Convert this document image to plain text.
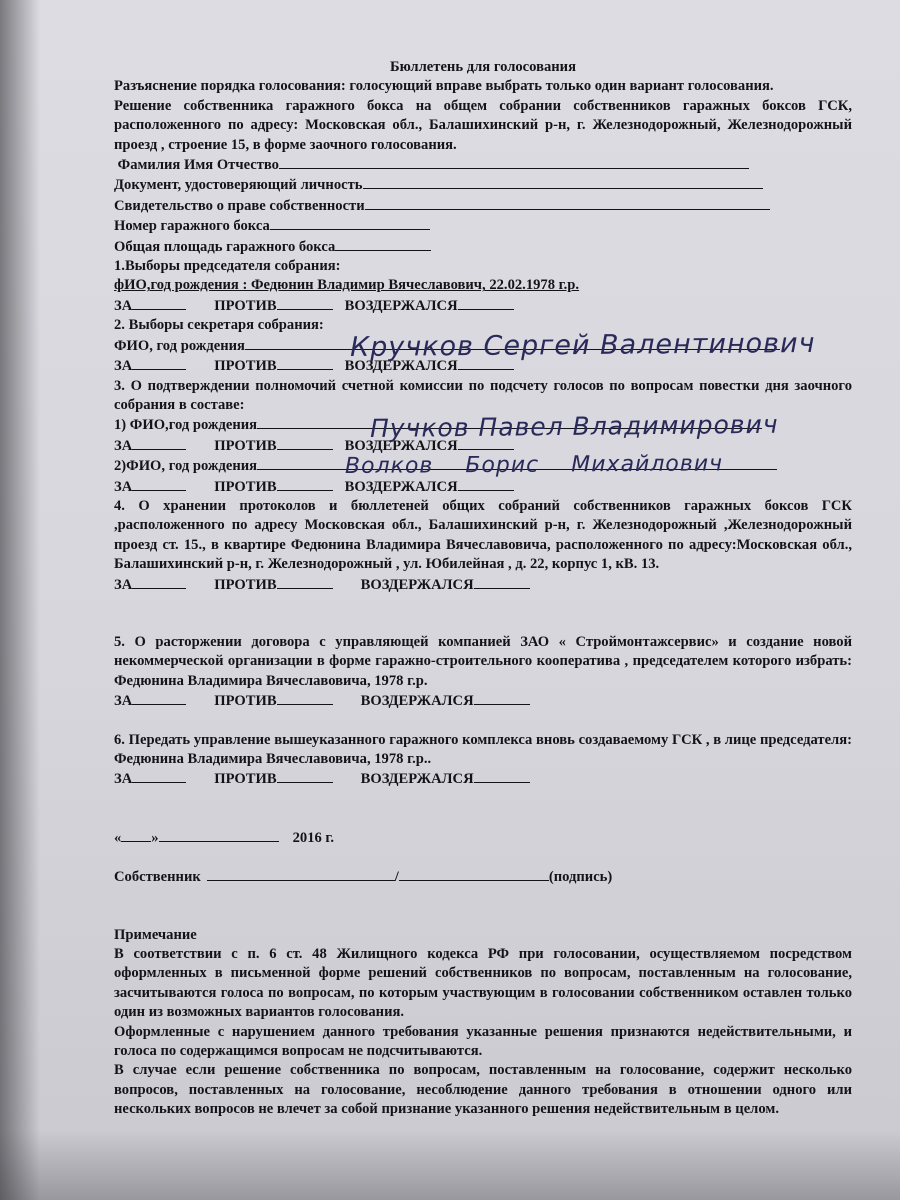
Бюллетень для голосования
Разъяснение порядка голосования: голосующий вправе выбрать только один вариант голосования.
Решение собственника гаражного бокса на общем собрании собственников гаражных боксов ГСК, расположенного по адресу: Московская обл., Балашихинский р-н, г. Железнодорожный, Железнодорожный проезд , строение 15, в форме заочного голосования.
Фамилия Имя Отчество
Документ, удостоверяющий личность
Свидетельство о праве собственности
Номер гаражного бокса
Общая площадь гаражного бокса
1.Выборы председателя собрания:
фИО,год рождения : Федюнин Владимир Вячеславович, 22.02.1978 г.р.
ЗА	ПРОТИВ	ВОЗДЕРЖАЛСЯ
2. Выборы секретаря собрания:
ФИО, год рождения
ЗА	ПРОТИВ	ВОЗДЕРЖАЛСЯ
3. О подтверждении полномочий счетной комиссии по подсчету голосов по вопросам повестки дня заочного собрания в составе:
1) ФИО,год рождения
ЗА	ПРОТИВ	ВОЗДЕРЖАЛСЯ
2)ФИО, год рождения
ЗА	ПРОТИВ	ВОЗДЕРЖАЛСЯ
4. О хранении протоколов и бюллетеней общих собраний собственников гаражных боксов ГСК ,расположенного по адресу Московская обл., Балашихинский р-н, г. Железнодорожный ,Железнодорожный проезд ст. 15., в квартире Федюнина Владимира Вячеславовича, расположенного по адресу:Московская обл., Балашихинский р-н, г. Железнодорожный , ул. Юбилейная , д. 22, корпус 1, кВ. 13.
ЗА	ПРОТИВ	ВОЗДЕРЖАЛСЯ
5. О расторжении договора с управляющей компанией ЗАО « Строймонтажсервис» и создание новой некоммерческой организации в форме гаражно-строительного кооператива , председателем которого избрать: Федюнина Владимира Вячеславовича, 1978 г.р.
ЗА	ПРОТИВ	ВОЗДЕРЖАЛСЯ
6. Передать управление вышеуказанного гаражного комплекса вновь создаваемому ГСК , в лице председателя: Федюнина Владимира Вячеславовича, 1978 г.р..
ЗА	ПРОТИВ	ВОЗДЕРЖАЛСЯ
« »	2016 г.
Собственник	/	(подпись)
Примечание
В соответствии с п. 6 ст. 48 Жилищного кодекса РФ при голосовании, осуществляемом посредством оформленных в письменной форме решений собственников по вопросам, поставленным на голосование, засчитываются голоса по вопросам, по которым участвующим в голосовании собственником оставлен только один из возможных вариантов голосования.
Оформленные с нарушением данного требования указанные решения признаются недействительными, и голоса по содержащимся вопросам не подсчитываются.
В случае если решение собственника по вопросам, поставленным на голосование, содержит несколько вопросов, поставленных на голосование, несоблюдение данного требования в отношении одного или нескольких вопросов не влечет за собой признание указанного решения недействительным в целом.
Кручков Сергей Валентинович
Пучков Павел Владимирович
Волков Борис Михайлович
